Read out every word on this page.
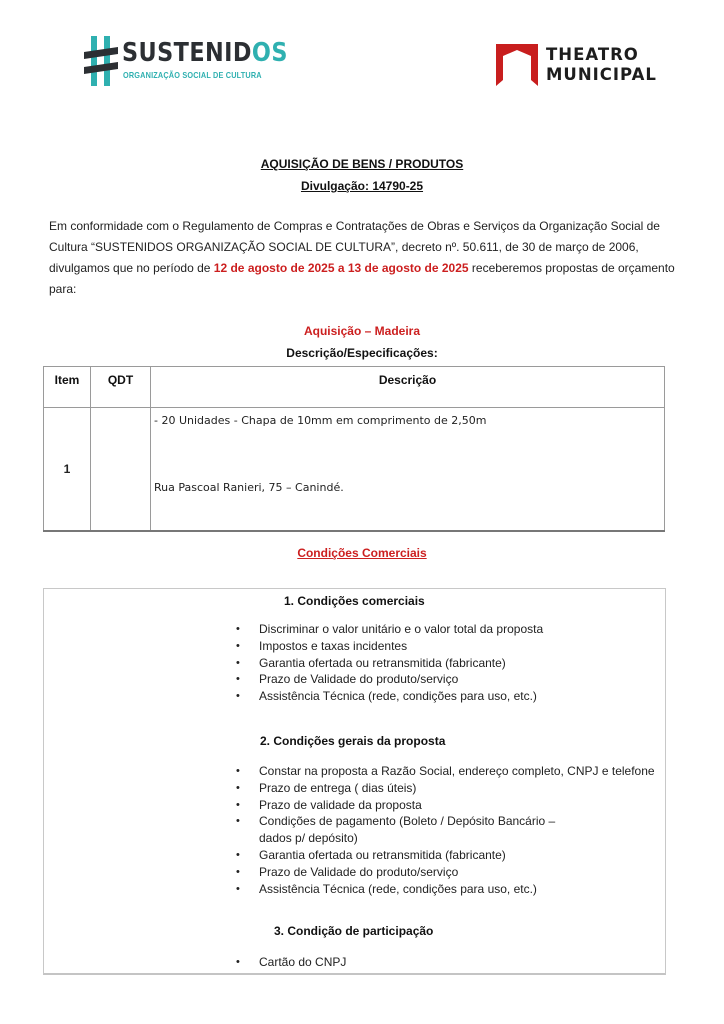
SUSTENIDOS
ORGANIZAÇÃO SOCIAL DE CULTURA
THEATRO
MUNICIPAL
AQUISIÇÃO DE BENS / PRODUTOS
Divulgação: 14790-25
Em conformidade com o Regulamento de Compras e Contratações de Obras e Serviços da Organização Social de Cultura “SUSTENIDOS ORGANIZAÇÃO SOCIAL DE CULTURA”, decreto nº. 50.611, de 30 de março de 2006, divulgamos que no período de 12 de agosto de 2025 a 13 de agosto de 2025 receberemos propostas de orçamento para:
Aquisição – Madeira
Descrição/Especificações:
Item	QDT	Descrição
1		- 20 Unidades - Chapa de 10mm em comprimento de 2,50m
Rua Pascoal Ranieri, 75 – Canindé.
Condições Comerciais
1. Condições comerciais
• Discriminar o valor unitário e o valor total da proposta
• Impostos e taxas incidentes
• Garantia ofertada ou retransmitida (fabricante)
• Prazo de Validade do produto/serviço
• Assistência Técnica (rede, condições para uso, etc.)
2. Condições gerais da proposta
• Constar na proposta a Razão Social, endereço completo, CNPJ e telefone
• Prazo de entrega ( dias úteis)
• Prazo de validade da proposta
• Condições de pagamento (Boleto / Depósito Bancário – dados p/ depósito)
• Garantia ofertada ou retransmitida (fabricante)
• Prazo de Validade do produto/serviço
• Assistência Técnica (rede, condições para uso, etc.)
3. Condição de participação
• Cartão do CNPJ
